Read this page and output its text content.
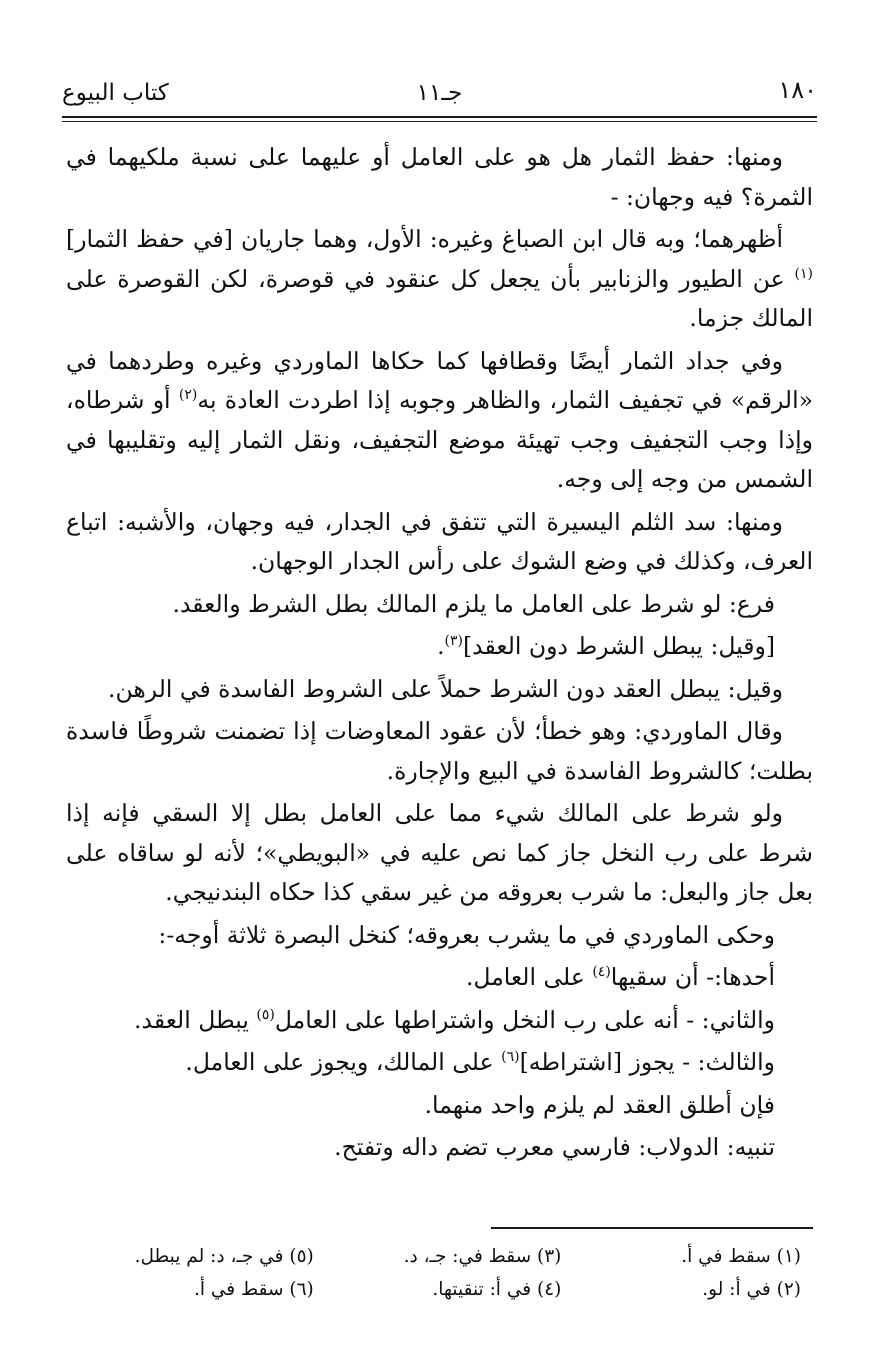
كتاب البيوع	جـ١١	١٨٠

ومنها: حفظ الثمار هل هو على العامل أو عليهما على نسبة ملكيهما في الثمرة؟ فيه وجهان: -

أظهرهما؛ وبه قال ابن الصباغ وغيره: الأول، وهما جاريان [في حفظ الثمار]$^{(١)}$ عن الطيور والزنابير بأن يجعل كل عنقود في قوصرة، لكن القوصرة على المالك جزما.

وفي جداد الثمار أيضًا وقطافها كما حكاها الماوردي وغيره وطردهما في «الرقم» في تجفيف الثمار، والظاهر وجوبه إذا اطردت العادة به$^{(٢)}$ أو شرطاه، وإذا وجب التجفيف وجب تهيئة موضع التجفيف، ونقل الثمار إليه وتقليبها في الشمس من وجه إلى وجه.

ومنها: سد الثلم اليسيرة التي تتفق في الجدار، فيه وجهان، والأشبه: اتباع العرف، وكذلك في وضع الشوك على رأس الجدار الوجهان.

فرع: لو شرط على العامل ما يلزم المالك بطل الشرط والعقد.

[وقيل: يبطل الشرط دون العقد]$^{(٣)}$.

وقيل: يبطل العقد دون الشرط حملاً على الشروط الفاسدة في الرهن.

وقال الماوردي: وهو خطأ؛ لأن عقود المعاوضات إذا تضمنت شروطًا فاسدة بطلت؛ كالشروط الفاسدة في البيع والإجارة.

ولو شرط على المالك شيء مما على العامل بطل إلا السقي فإنه إذا شرط على رب النخل جاز كما نص عليه في «البويطي»؛ لأنه لو ساقاه على بعل جاز والبعل: ما شرب بعروقه من غير سقي كذا حكاه البندنيجي.

وحكى الماوردي في ما يشرب بعروقه؛ كنخل البصرة ثلاثة أوجه-:

أحدها:- أن سقيها$^{(٤)}$ على العامل.

والثاني: - أنه على رب النخل واشتراطها على العامل$^{(٥)}$ يبطل العقد.

والثالث: - يجوز [اشتراطه]$^{(٦)}$ على المالك، ويجوز على العامل.

فإن أطلق العقد لم يلزم واحد منهما.

تنبيه: الدولاب: فارسي معرب تضم داله وتفتح.

(١) سقط في أ.
(٣) سقط في: جـ، د.
(٥) في جـ، د: لم يبطل.
(٢) في أ: لو.
(٤) في أ: تنقيتها.
(٦) سقط في أ.
